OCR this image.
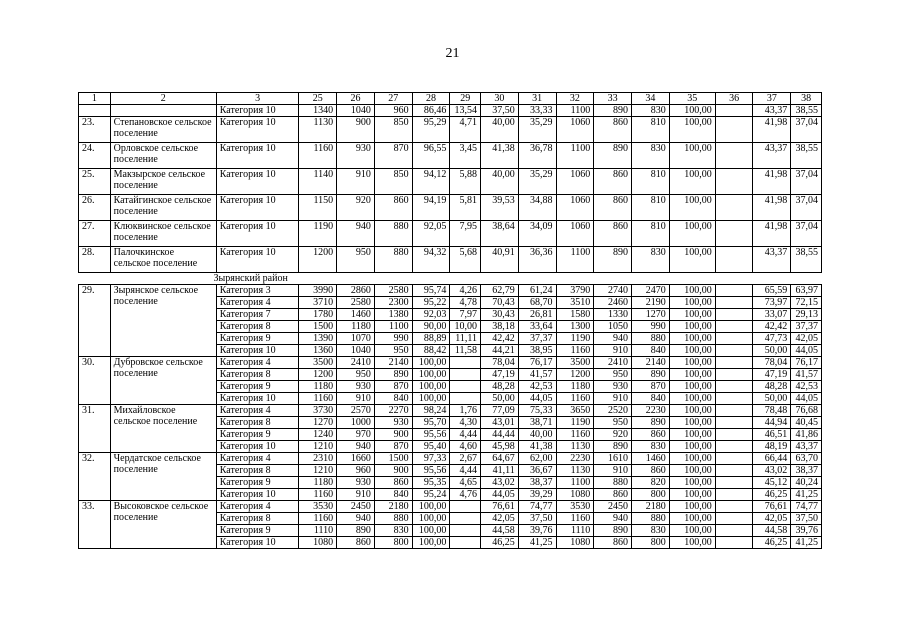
21
1	2	3	25	26	27	28	29	30	31	32	33	34	35	36	37	38
		Категория 10	1340	1040	960	86,46	13,54	37,50	33,33	1100	890	830	100,00		43,37	38,55
23.	Степановское сельское поселение	Категория 10	1130	900	850	95,29	4,71	40,00	35,29	1060	860	810	100,00		41,98	37,04
24.	Орловское сельское поселение	Категория 10	1160	930	870	96,55	3,45	41,38	36,78	1100	890	830	100,00		43,37	38,55
25.	Макзырское сельское поселение	Категория 10	1140	910	850	94,12	5,88	40,00	35,29	1060	860	810	100,00		41,98	37,04
26.	Катайгинское сельское поселение	Категория 10	1150	920	860	94,19	5,81	39,53	34,88	1060	860	810	100,00		41,98	37,04
27.	Клюквинское сельское поселение	Категория 10	1190	940	880	92,05	7,95	38,64	34,09	1060	860	810	100,00		41,98	37,04
28.	Палочкинское сельское поселение	Категория 10	1200	950	880	94,32	5,68	40,91	36,36	1100	890	830	100,00		43,37	38,55
Зырянский район																
29.	Зырянское сельское поселение	Категория 3	3990	2860	2580	95,74	4,26	62,79	61,24	3790	2740	2470	100,00		65,59	63,97
		Категория 4	3710	2580	2300	95,22	4,78	70,43	68,70	3510	2460	2190	100,00		73,97	72,15
		Категория 7	1780	1460	1380	92,03	7,97	30,43	26,81	1580	1330	1270	100,00		33,07	29,13
		Категория 8	1500	1180	1100	90,00	10,00	38,18	33,64	1300	1050	990	100,00		42,42	37,37
		Категория 9	1390	1070	990	88,89	11,11	42,42	37,37	1190	940	880	100,00		47,73	42,05
		Категория 10	1360	1040	950	88,42	11,58	44,21	38,95	1160	910	840	100,00		50,00	44,05
30.	Дубровское сельское поселение	Категория 4	3500	2410	2140	100,00		78,04	76,17	3500	2410	2140	100,00		78,04	76,17
		Категория 8	1200	950	890	100,00		47,19	41,57	1200	950	890	100,00		47,19	41,57
		Категория 9	1180	930	870	100,00		48,28	42,53	1180	930	870	100,00		48,28	42,53
		Категория 10	1160	910	840	100,00		50,00	44,05	1160	910	840	100,00		50,00	44,05
31.	Михайловское сельское поселение	Категория 4	3730	2570	2270	98,24	1,76	77,09	75,33	3650	2520	2230	100,00		78,48	76,68
		Категория 8	1270	1000	930	95,70	4,30	43,01	38,71	1190	950	890	100,00		44,94	40,45
		Категория 9	1240	970	900	95,56	4,44	44,44	40,00	1160	920	860	100,00		46,51	41,86
		Категория 10	1210	940	870	95,40	4,60	45,98	41,38	1130	890	830	100,00		48,19	43,37
32.	Чердатское сельское поселение	Категория 4	2310	1660	1500	97,33	2,67	64,67	62,00	2230	1610	1460	100,00		66,44	63,70
		Категория 8	1210	960	900	95,56	4,44	41,11	36,67	1130	910	860	100,00		43,02	38,37
		Категория 9	1180	930	860	95,35	4,65	43,02	38,37	1100	880	820	100,00		45,12	40,24
		Категория 10	1160	910	840	95,24	4,76	44,05	39,29	1080	860	800	100,00		46,25	41,25
33.	Высоковское сельское поселение	Категория 4	3530	2450	2180	100,00		76,61	74,77	3530	2450	2180	100,00		76,61	74,77
		Категория 8	1160	940	880	100,00		42,05	37,50	1160	940	880	100,00		42,05	37,50
		Категория 9	1110	890	830	100,00		44,58	39,76	1110	890	830	100,00		44,58	39,76
		Категория 10	1080	860	800	100,00		46,25	41,25	1080	860	800	100,00		46,25	41,25
